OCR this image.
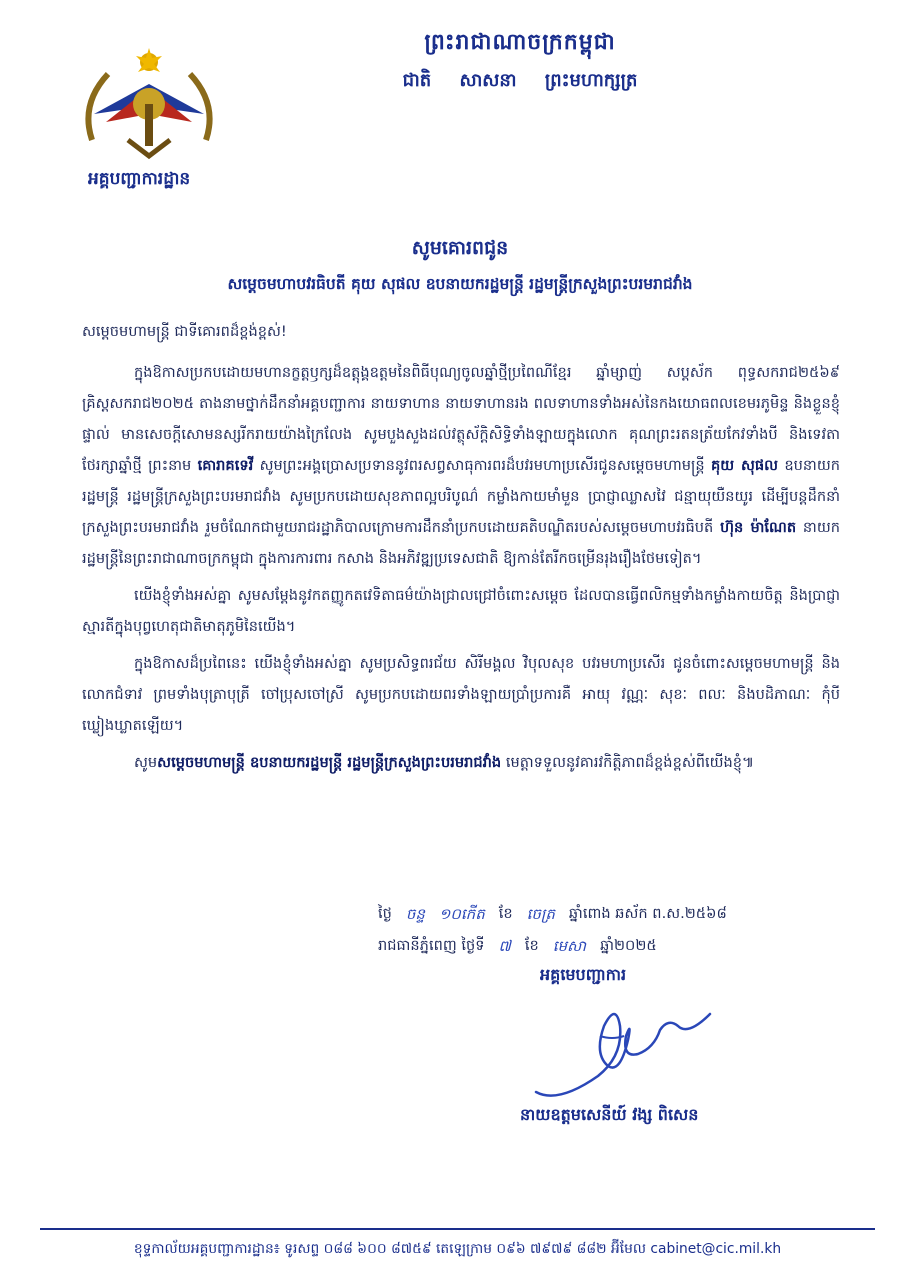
អគ្គបញ្ជាការដ្ឋាន
ព្រះរាជាណាចក្រកម្ពុជា
ជាតិ សាសនា ព្រះមហាក្សត្រ
សូមគោរពជូន
សម្តេចមហាបវរធិបតី គុយ សុផល ឧបនាយករដ្ឋមន្ត្រី រដ្ឋមន្ត្រីក្រសួងព្រះបរមរាជវាំង

សម្តេចមហាមន្ត្រី ជាទីគោរពដ៏ខ្ពង់ខ្ពស់!

ក្នុងឱកាសប្រកបដោយមហានក្ខត្តឫក្សដ៏ឧត្តុង្គឧត្តមនៃពិធីបុណ្យចូលឆ្នាំថ្មីប្រពៃណីខ្មែរ ឆ្នាំម្សាញ់ សប្តស័ក ពុទ្ធសករាជ២៥៦៩ គ្រិស្តសករាជ២០២៥ តាងនាមថ្នាក់ដឹកនាំអគ្គបញ្ជាការ នាយទាហាន នាយទាហានរង ពលទាហានទាំងអស់នៃកងយោធពលខេមរភូមិន្ទ និងខ្លួនខ្ញុំផ្ទាល់ មានសេចក្តីសោមនស្សរីករាយយ៉ាងក្រៃលែង សូមបួងសួងដល់វត្ថុស័ក្តិសិទ្ធិទាំងឡាយក្នុងលោក គុណព្រះរតនត្រ័យកែវទាំងបី និងទេវតាថែរក្សាឆ្នាំថ្មី ព្រះនាម គោរាគទេវី សូមព្រះអង្គប្រោសប្រទាននូវពរសព្វសាធុការពរដ៏បវរមហាប្រសើរជូនសម្តេចមហាមន្ត្រី គុយ សុផល ឧបនាយករដ្ឋមន្ត្រី រដ្ឋមន្ត្រីក្រសួងព្រះបរមរាជវាំង សូមប្រកបដោយសុខភាពល្អបរិបូណ៌ កម្លាំងកាយមាំមួន ប្រាជ្ញាឈ្លាសវៃ ជន្មាយុយឺនយូរ ដើម្បីបន្តដឹកនាំក្រសួងព្រះបរមរាជវាំង រួមចំណែកជាមួយរាជរដ្ឋាភិបាលក្រោមការដឹកនាំប្រកបដោយគតិបណ្ឌិតរបស់សម្តេចមហាបវរធិបតី ហ៊ុន ម៉ាណែត នាយករដ្ឋមន្ត្រីនៃព្រះរាជាណាចក្រកម្ពុជា ក្នុងការការពារ កសាង និងអភិវឌ្ឍប្រទេសជាតិ ឱ្យកាន់តែរីកចម្រើនរុងរឿងថែមទៀត។

យើងខ្ញុំទាំងអស់គ្នា សូមសម្តែងនូវកតញ្ញូកតវេទិតាធម៌យ៉ាងជ្រាលជ្រៅចំពោះសម្តេច ដែលបានធ្វើពលិកម្មទាំងកម្លាំងកាយចិត្ត និងប្រាជ្ញាស្មារតីក្នុងបុព្វហេតុជាតិមាតុភូមិនៃយើង។

ក្នុងឱកាសដ៏ប្រពៃនេះ យើងខ្ញុំទាំងអស់គ្នា សូមប្រសិទ្ធពរជ័យ សិរីមង្គល វិបុលសុខ បវរមហាប្រសើរ ជូនចំពោះសម្តេចមហាមន្ត្រី និងលោកជំទាវ ព្រមទាំងបុត្រាបុត្រី ចៅប្រុសចៅស្រី សូមប្រកបដោយពរទាំងឡាយប្រាំប្រការគឺ អាយុ វណ្ណៈ សុខៈ ពលៈ និងបដិភាណៈ កុំបីឃ្លៀងឃ្លាតឡើយ។

សូមសម្តេចមហាមន្ត្រី ឧបនាយករដ្ឋមន្ត្រី រដ្ឋមន្ត្រីក្រសួងព្រះបរមរាជវាំង មេត្តាទទួលនូវគារវកិត្តិភាពដ៏ខ្ពង់ខ្ពស់ពីយើងខ្ញុំ៕

ថ្ងៃ ចន្ទ ១០កើត ខែ ចេត្រ ឆ្នាំពោង ឆស័ក ព.ស.២៥៦៨
រាជធានីភ្នំពេញ ថ្ងៃទី ៧ ខែ មេសា ឆ្នាំ២០២៥
អគ្គមេបញ្ជាការ
នាយឧត្តមសេនីយ៍ វង្ស ពិសេន
ខុទ្ទកាល័យអគ្គបញ្ជាការដ្ឋាន៖ ទូរសព្ទ ០៨៨ ៦០០ ៨៧៥៩ តេឡេក្រាម ០៩៦ ៧៩៧៩ ៨៨២ អ៊ីមែល cabinet@cic.mil.kh
